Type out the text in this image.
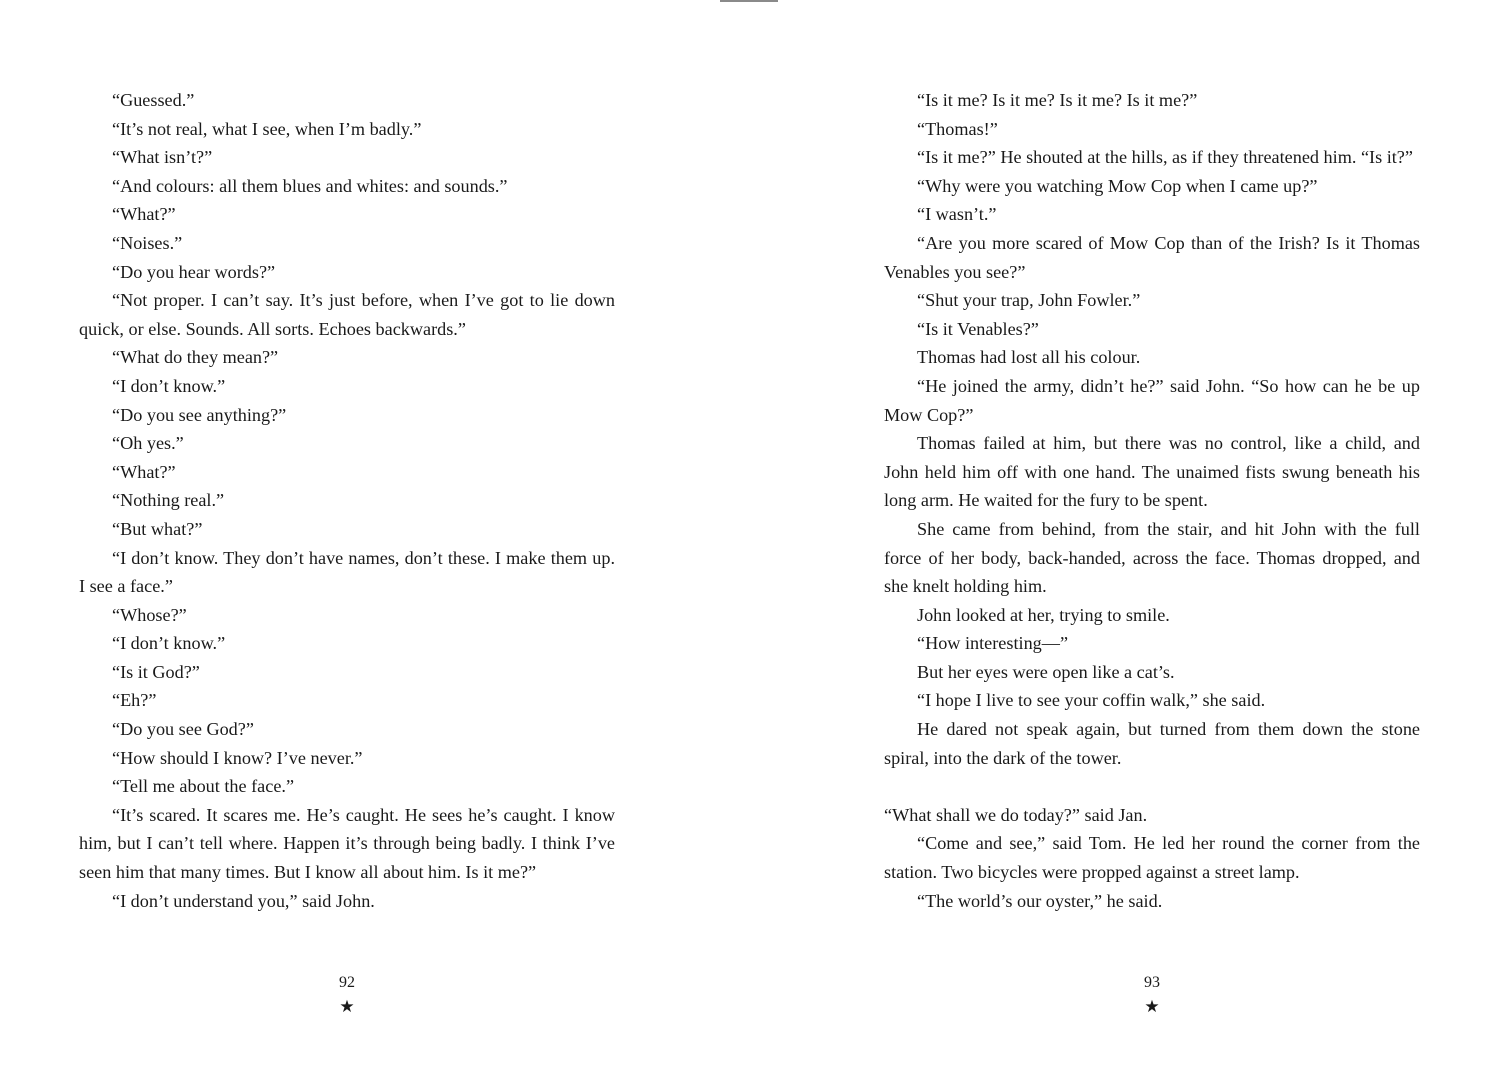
“Guessed.”

“It’s not real, what I see, when I’m badly.”

“What isn’t?”

“And colours: all them blues and whites: and sounds.”

“What?”

“Noises.”

“Do you hear words?”

“Not proper. I can’t say. It’s just before, when I’ve got to lie down quick, or else. Sounds. All sorts. Echoes backwards.”

“What do they mean?”

“I don’t know.”

“Do you see anything?”

“Oh yes.”

“What?”

“Nothing real.”

“But what?”

“I don’t know. They don’t have names, don’t these. I make them up. I see a face.”

“Whose?”

“I don’t know.”

“Is it God?”

“Eh?”

“Do you see God?”

“How should I know? I’ve never.”

“Tell me about the face.”

“It’s scared. It scares me. He’s caught. He sees he’s caught. I know him, but I can’t tell where. Happen it’s through being badly. I think I’ve seen him that many times. But I know all about him. Is it me?”

“I don’t understand you,” said John.

“Is it me? Is it me? Is it me? Is it me?”

“Thomas!”

“Is it me?” He shouted at the hills, as if they threatened him. “Is it?”

“Why were you watching Mow Cop when I came up?”

“I wasn’t.”

“Are you more scared of Mow Cop than of the Irish? Is it Thomas Venables you see?”

“Shut your trap, John Fowler.”

“Is it Venables?”

Thomas had lost all his colour.

“He joined the army, didn’t he?” said John. “So how can he be up Mow Cop?”

Thomas failed at him, but there was no control, like a child, and John held him off with one hand. The unaimed fists swung beneath his long arm. He waited for the fury to be spent.

She came from behind, from the stair, and hit John with the full force of her body, back-handed, across the face. Thomas dropped, and she knelt holding him.

John looked at her, trying to smile.

“How interesting—”

But her eyes were open like a cat’s.

“I hope I live to see your coffin walk,” she said.

He dared not speak again, but turned from them down the stone spiral, into the dark of the tower.

“What shall we do today?” said Jan.

“Come and see,” said Tom. He led her round the corner from the station. Two bicycles were propped against a street lamp.

“The world’s our oyster,” he said.

92
★
93
★
